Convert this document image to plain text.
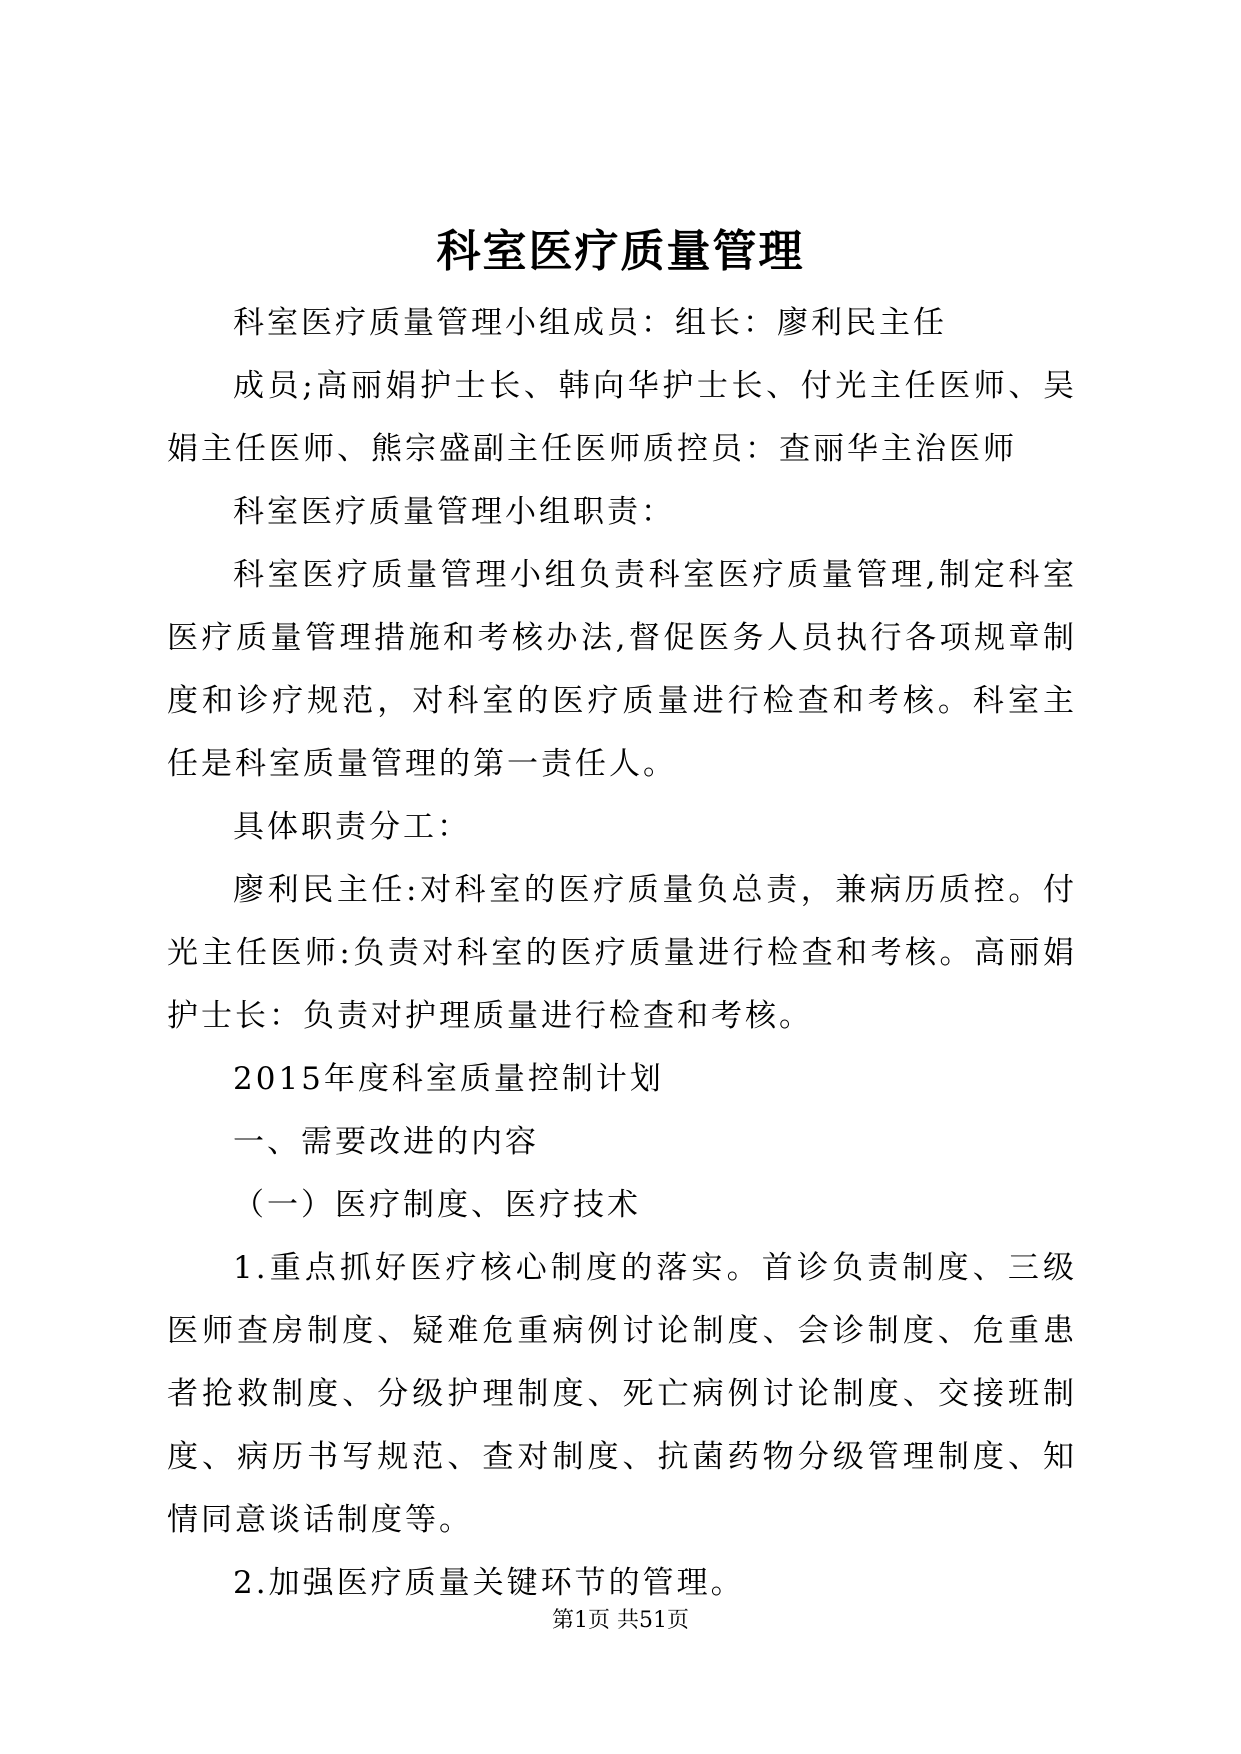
科室医疗质量管理

科室医疗质量管理小组成员：组长：廖利民主任

成员;高丽娟护士长、韩向华护士长、付光主任医师、吴娟主任医师、熊宗盛副主任医师质控员：查丽华主治医师

科室医疗质量管理小组职责：

科室医疗质量管理小组负责科室医疗质量管理,制定科室医疗质量管理措施和考核办法,督促医务人员执行各项规章制度和诊疗规范，对科室的医疗质量进行检查和考核。科室主任是科室质量管理的第一责任人。

具体职责分工：

廖利民主任:对科室的医疗质量负总责，兼病历质控。付光主任医师:负责对科室的医疗质量进行检查和考核。高丽娟护士长：负责对护理质量进行检查和考核。

2015年度科室质量控制计划

一、需要改进的内容

（一）医疗制度、医疗技术

1.重点抓好医疗核心制度的落实。首诊负责制度、三级医师查房制度、疑难危重病例讨论制度、会诊制度、危重患者抢救制度、分级护理制度、死亡病例讨论制度、交接班制度、病历书写规范、查对制度、抗菌药物分级管理制度、知情同意谈话制度等。

2.加强医疗质量关键环节的管理。

第1页 共51页
